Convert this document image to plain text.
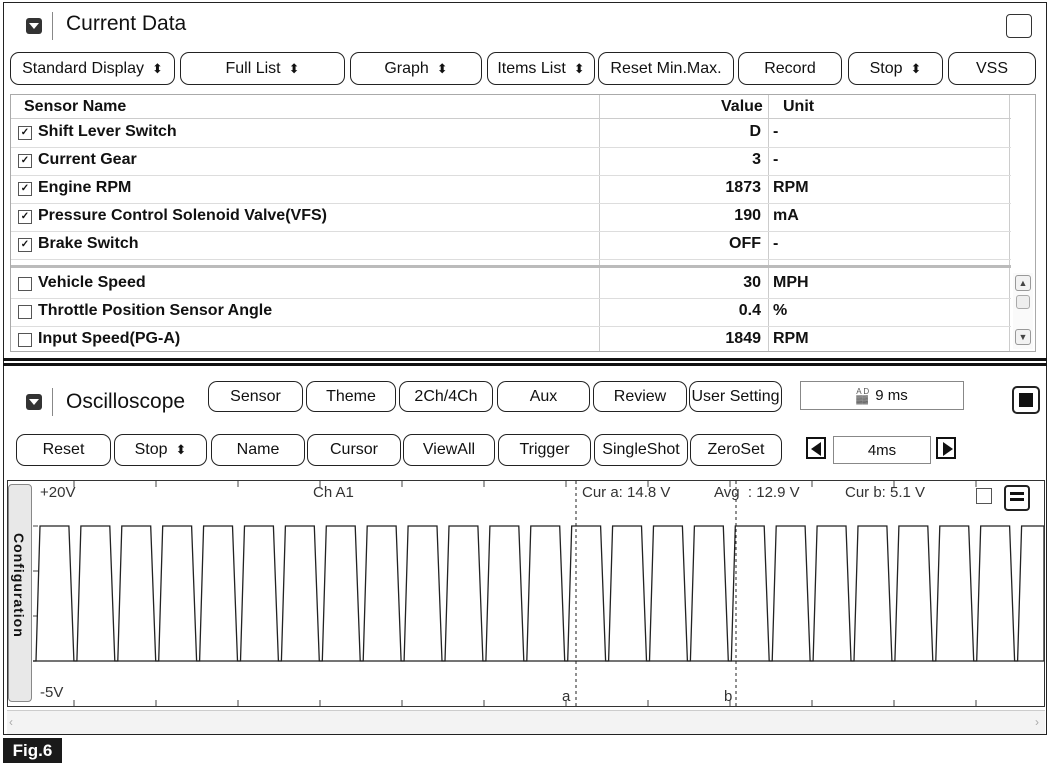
Current Data
Standard Display ⬍	Full List ⬍	Graph ⬍	Items List ⬍ Reset Min.Max.	Record	Stop ⬍	VSS
Sensor Name	Value Unit
✓ Shift Lever Switch	D -
✓ Current Gear	3 -
✓ Engine RPM	1873 RPM
✓ Pressure Control Solenoid Valve(VFS)	190 mA
✓ Brake Switch	OFF -
Vehicle Speed	30 MPH
Throttle Position Sensor Angle	0.4 %
Input Speed(PG-A)	1849 RPM
▲
▼
Oscilloscope	Sensor	Theme 2Ch/4Ch	Aux	Review User Setting	A D
▓▓ 9 ms
Reset	Stop ⬍	Name	Cursor	ViewAll	Trigger SingleShot ZeroSet	4ms
Configuration
+20V
-5V
Ch A1	Cur a: 14.8 V	Avg  : 12.9 V	Cur b: 5.1 V
a	b
‹	›
Fig.6
